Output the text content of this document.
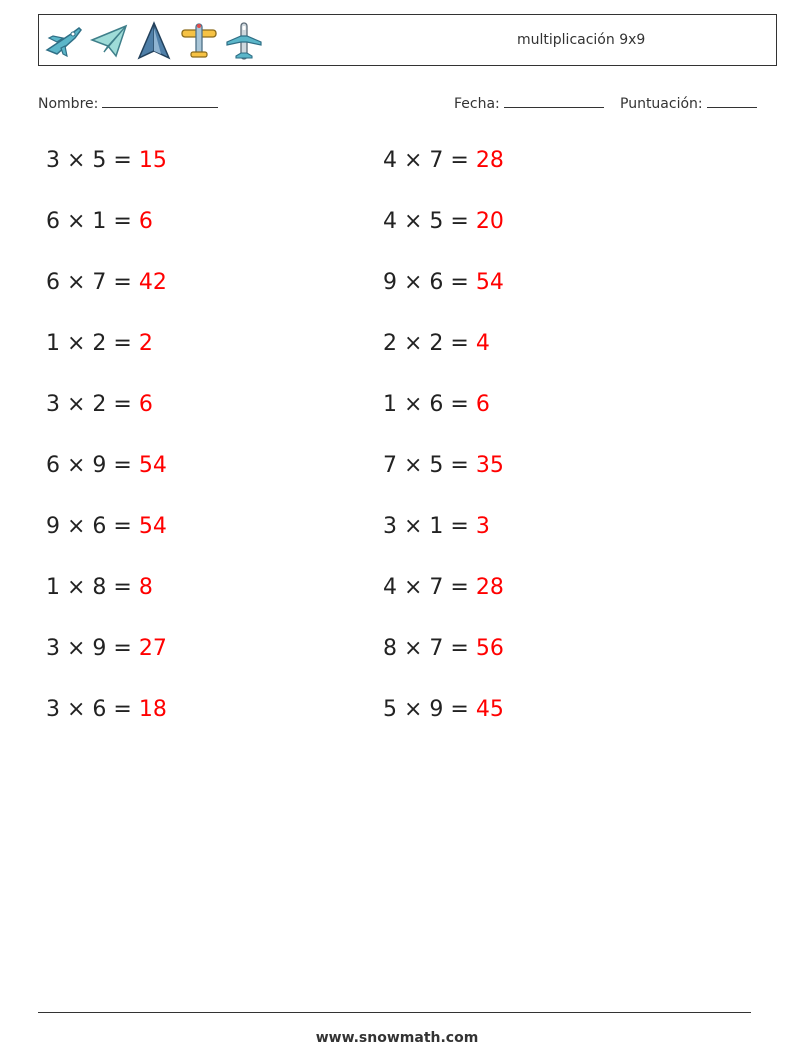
multiplicación 9x9
Nombre:	Fecha:	Puntuación:
3 × 5 = 15
6 × 1 = 6
6 × 7 = 42
1 × 2 = 2
3 × 2 = 6
6 × 9 = 54
9 × 6 = 54
1 × 8 = 8
3 × 9 = 27
3 × 6 = 18
4 × 7 = 28
4 × 5 = 20
9 × 6 = 54
2 × 2 = 4
1 × 6 = 6
7 × 5 = 35
3 × 1 = 3
4 × 7 = 28
8 × 7 = 56
5 × 9 = 45
www.snowmath.com
